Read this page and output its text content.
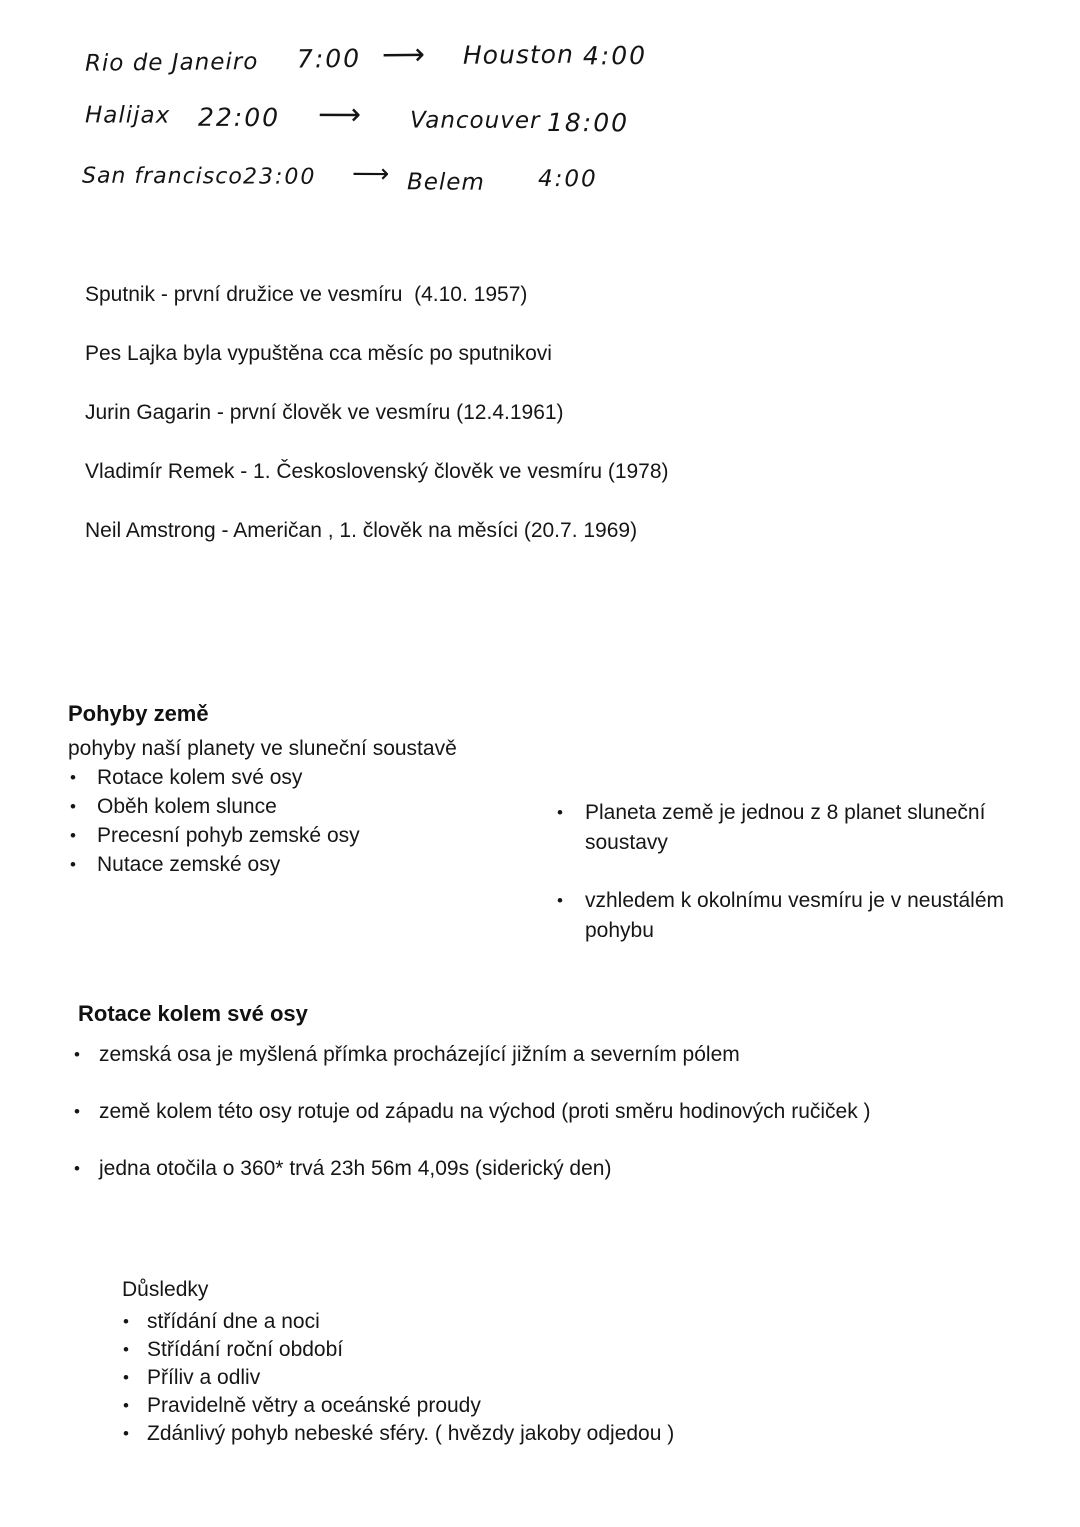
Rio de Janeiro 7:00 ⟶ Houston 4:00
Halijax 22:00 ⟶ Vancouver 18:00
San francisco 23:00 ⟶ Belem 4:00

Sputnik - první družice ve vesmíru  (4.10. 1957)

Pes Lajka byla vypuštěna cca měsíc po sputnikovi

Jurin Gagarin - první člověk ve vesmíru (12.4.1961)

Vladimír Remek - 1. Československý člověk ve vesmíru (1978)

Neil Amstrong - Američan , 1. člověk na měsíci (20.7. 1969)

Pohyby země

pohyby naší planety ve sluneční soustavě

•	Rotace kolem své osy
•	Oběh kolem slunce
•	Precesní pohyb zemské osy
•	Nutace zemské osy
•	Planeta země je jednou z 8 planet sluneční soustavy
•	vzhledem k okolnímu vesmíru je v neustálém pohybu
Rotace kolem své osy
• zemská osa je myšlená přímka procházející jižním a severním pólem
• země kolem této osy rotuje od západu na východ (proti směru hodinových ručiček )
• jedna otočila o 360* trvá 23h 56m 4,09s (siderický den)

Důsledky

• střídání dne a noci
• Střídání roční období
• Příliv a odliv
• Pravidelně větry a oceánské proudy
• Zdánlivý pohyb nebeské sféry. ( hvězdy jakoby odjedou )
